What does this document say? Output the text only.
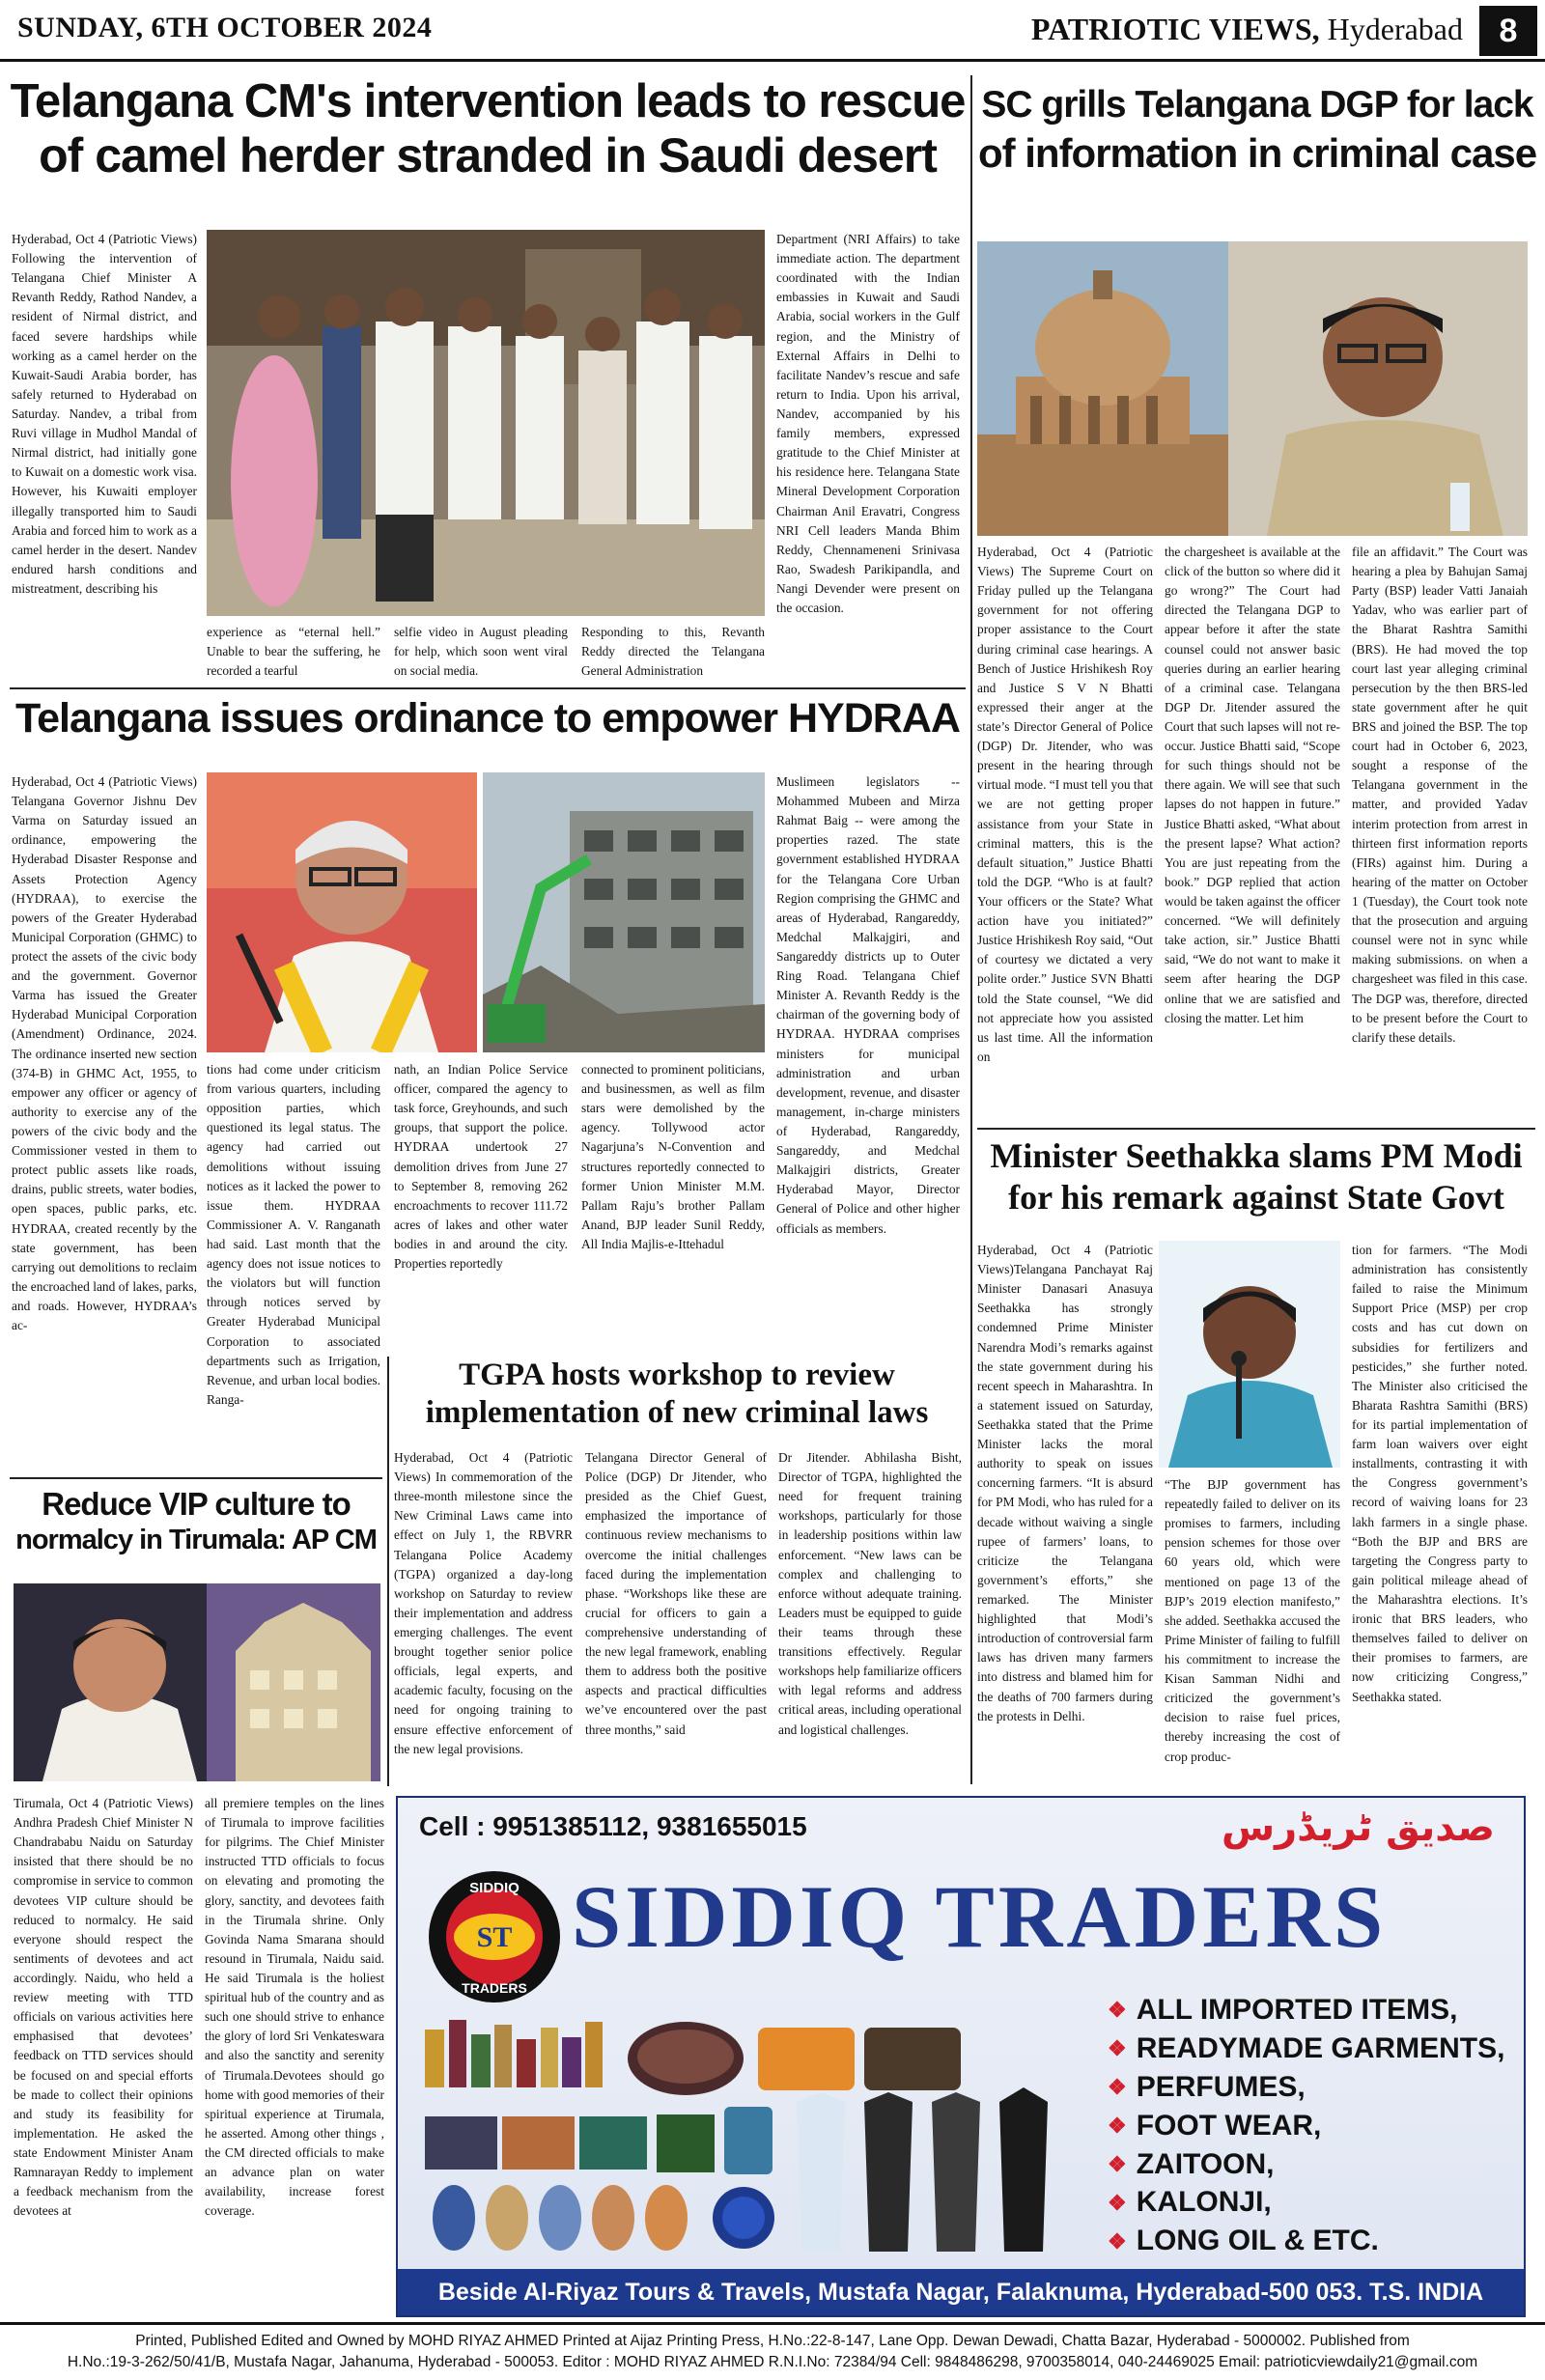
SUNDAY, 6TH OCTOBER 2024	PATRIOTIC VIEWS, Hyderabad	8
Telangana CM's intervention leads to rescue
of camel herder stranded in Saudi desert
Hyderabad, Oct 4 (Patriotic Views) Following the intervention of Telangana Chief Minister A Revanth Reddy, Rathod Nandev, a resident of Nirmal district, and faced severe hardships while working as a camel herder on the Kuwait-Saudi Arabia border, has safely returned to Hyderabad on Saturday. Nandev, a tribal from Ruvi village in Mudhol Mandal of Nirmal district, had initially gone to Kuwait on a domestic work visa. However, his Kuwaiti employer illegally transported him to Saudi Arabia and forced him to work as a camel herder in the desert. Nandev endured harsh conditions and mistreatment, describing his
experience as “eternal hell.” Unable to bear the suffering, he recorded a tearful
selfie video in August pleading for help, which soon went viral on social media.
Responding to this, Revanth Reddy directed the Telangana General Administration
Department (NRI Affairs) to take immediate action. The department coordinated with the Indian embassies in Kuwait and Saudi Arabia, social workers in the Gulf region, and the Ministry of External Affairs in Delhi to facilitate Nandev’s rescue and safe return to India. Upon his arrival, Nandev, accompanied by his family members, expressed gratitude to the Chief Minister at his residence here. Telangana State Mineral Development Corporation Chairman Anil Eravatri, Congress NRI Cell leaders Manda Bhim Reddy, Chennameneni Srinivasa Rao, Swadesh Parikipandla, and Nangi Devender were present on the occasion.
Telangana issues ordinance to empower HYDRAA
Hyderabad, Oct 4 (Patriotic Views) Telangana Governor Jishnu Dev Varma on Saturday issued an ordinance, empowering the Hyderabad Disaster Response and Assets Protection Agency (HYDRAA), to exercise the powers of the Greater Hyderabad Municipal Corporation (GHMC) to protect the assets of the civic body and the government. Governor Varma has issued the Greater Hyderabad Municipal Corporation (Amendment) Ordinance, 2024. The ordinance inserted new section (374-B) in GHMC Act, 1955, to empower any officer or agency of authority to exercise any of the powers of the civic body and the Commissioner vested in them to protect public assets like roads, drains, public streets, water bodies, open spaces, public parks, etc. HYDRAA, created recently by the state government, has been carrying out demolitions to reclaim the encroached land of lakes, parks, and roads. However, HYDRAA’s ac-
tions had come under criticism from various quarters, including opposition parties, which questioned its legal status. The agency had carried out demolitions without issuing notices as it lacked the power to issue them. HYDRAA Commissioner A. V. Ranganath had said. Last month that the agency does not issue notices to the violators but will function through notices served by Greater Hyderabad Municipal Corporation to associated departments such as Irrigation, Revenue, and urban local bodies. Ranga-
nath, an Indian Police Service officer, compared the agency to task force, Greyhounds, and such groups, that support the police. HYDRAA undertook 27 demolition drives from June 27 to September 8, removing 262 encroachments to recover 111.72 acres of lakes and other water bodies in and around the city. Properties reportedly
connected to prominent politicians, and businessmen, as well as film stars were demolished by the agency. Tollywood actor Nagarjuna’s N-Convention and structures reportedly connected to former Union Minister M.M. Pallam Raju’s brother Pallam Anand, BJP leader Sunil Reddy, All India Majlis-e-Ittehadul
Muslimeen legislators -- Mohammed Mubeen and Mirza Rahmat Baig -- were among the properties razed. The state government established HYDRAA for the Telangana Core Urban Region comprising the GHMC and areas of Hyderabad, Rangareddy, Medchal Malkajgiri, and Sangareddy districts up to Outer Ring Road. Telangana Chief Minister A. Revanth Reddy is the chairman of the governing body of HYDRAA. HYDRAA comprises ministers for municipal administration and urban development, revenue, and disaster management, in-charge ministers of Hyderabad, Rangareddy, Sangareddy, and Medchal Malkajgiri districts, Greater Hyderabad Mayor, Director General of Police and other higher officials as members.
TGPA hosts workshop to review
implementation of new criminal laws
Hyderabad, Oct 4 (Patriotic Views) In commemoration of the three-month milestone since the New Criminal Laws came into effect on July 1, the RBVRR Telangana Police Academy (TGPA) organized a day-long workshop on Saturday to review their implementation and address emerging challenges. The event brought together senior police officials, legal experts, and academic faculty, focusing on the need for ongoing training to ensure effective enforcement of the new legal provisions.
Telangana Director General of Police (DGP) Dr Jitender, who presided as the Chief Guest, emphasized the importance of continuous review mechanisms to overcome the initial challenges faced during the implementation phase. “Workshops like these are crucial for officers to gain a comprehensive understanding of the new legal framework, enabling them to address both the positive aspects and practical difficulties we’ve encountered over the past three months,” said
Dr Jitender. Abhilasha Bisht, Director of TGPA, highlighted the need for frequent training workshops, particularly for those in leadership positions within law enforcement. “New laws can be complex and challenging to enforce without adequate training. Leaders must be equipped to guide their teams through these transitions effectively. Regular workshops help familiarize officers with legal reforms and address critical areas, including operational and logistical challenges.
Reduce VIP culture to
normalcy in Tirumala: AP CM
Tirumala, Oct 4 (Patriotic Views) Andhra Pradesh Chief Minister N Chandrababu Naidu on Saturday insisted that there should be no compromise in service to common devotees VIP culture should be reduced to normalcy. He said everyone should respect the sentiments of devotees and act accordingly. Naidu, who held a review meeting with TTD officials on various activities here emphasised that devotees’ feedback on TTD services should be focused on and special efforts be made to collect their opinions and study its feasibility for implementation. He asked the state Endowment Minister Anam Ramnarayan Reddy to implement a feedback mechanism from the devotees at
all premiere temples on the lines of Tirumala to improve facilities for pilgrims. The Chief Minister instructed TTD officials to focus on elevating and promoting the glory, sanctity, and devotees faith in the Tirumala shrine. Only Govinda Nama Smarana should resound in Tirumala, Naidu said. He said Tirumala is the holiest spiritual hub of the country and as such one should strive to enhance the glory of lord Sri Venkateswara and also the sanctity and serenity of Tirumala.Devotees should go home with good memories of their spiritual experience at Tirumala, he asserted. Among other things , the CM directed officials to make an advance plan on water availability, increase forest coverage.
SC grills Telangana DGP for lack
of information in criminal case
Hyderabad, Oct 4 (Patriotic Views) The Supreme Court on Friday pulled up the Telangana government for not offering proper assistance to the Court during criminal case hearings. A Bench of Justice Hrishikesh Roy and Justice S V N Bhatti expressed their anger at the state’s Director General of Police (DGP) Dr. Jitender, who was present in the hearing through virtual mode. “I must tell you that we are not getting proper assistance from your State in criminal matters, this is the default situation,” Justice Bhatti told the DGP. “Who is at fault? Your officers or the State? What action have you initiated?” Justice Hrishikesh Roy said, “Out of courtesy we dictated a very polite order.” Justice SVN Bhatti told the State counsel, “We did not appreciate how you assisted us last time. All the information on
the chargesheet is available at the click of the button so where did it go wrong?” The Court had directed the Telangana DGP to appear before it after the state counsel could not answer basic queries during an earlier hearing of a criminal case. Telangana DGP Dr. Jitender assured the Court that such lapses will not re-occur. Justice Bhatti said, “Scope for such things should not be there again. We will see that such lapses do not happen in future.” Justice Bhatti asked, “What about the present lapse? What action? You are just repeating from the book.” DGP replied that action would be taken against the officer concerned. “We will definitely take action, sir.” Justice Bhatti said, “We do not want to make it seem after hearing the DGP online that we are satisfied and closing the matter. Let him
file an affidavit.” The Court was hearing a plea by Bahujan Samaj Party (BSP) leader Vatti Janaiah Yadav, who was earlier part of the Bharat Rashtra Samithi (BRS). He had moved the top court last year alleging criminal persecution by the then BRS-led state government after he quit BRS and joined the BSP. The top court had in October 6, 2023, sought a response of the Telangana government in the matter, and provided Yadav interim protection from arrest in thirteen first information reports (FIRs) against him. During a hearing of the matter on October 1 (Tuesday), the Court took note that the prosecution and arguing counsel were not in sync while making submissions. on when a chargesheet was filed in this case. The DGP was, therefore, directed to be present before the Court to clarify these details.
Minister Seethakka slams PM Modi
for his remark against State Govt
Hyderabad, Oct 4 (Patriotic Views)Telangana Panchayat Raj Minister Danasari Anasuya Seethakka has strongly condemned Prime Minister Narendra Modi’s remarks against the state government during his recent speech in Maharashtra. In a statement issued on Saturday, Seethakka stated that the Prime Minister lacks the moral authority to speak on issues concerning farmers. “It is absurd for PM Modi, who has ruled for a decade without waiving a single rupee of farmers’ loans, to criticize the Telangana government’s efforts,” she remarked. The Minister highlighted that Modi’s introduction of controversial farm laws has driven many farmers into distress and blamed him for the deaths of 700 farmers during the protests in Delhi.
“The BJP government has repeatedly failed to deliver on its promises to farmers, including pension schemes for those over 60 years old, which were mentioned on page 13 of the BJP’s 2019 election manifesto,” she added. Seethakka accused the Prime Minister of failing to fulfill his commitment to increase the Kisan Samman Nidhi and criticized the government’s decision to raise fuel prices, thereby increasing the cost of crop produc-
tion for farmers. “The Modi administration has consistently failed to raise the Minimum Support Price (MSP) per crop costs and has cut down on subsidies for fertilizers and pesticides,” she further noted. The Minister also criticised the Bharata Rashtra Samithi (BRS) for its partial implementation of farm loan waivers over eight installments, contrasting it with the Congress government’s record of waiving loans for 23 lakh farmers in a single phase. “Both the BJP and BRS are targeting the Congress party to gain political mileage ahead of the Maharashtra elections. It’s ironic that BRS leaders, who themselves failed to deliver on their promises to farmers, are now criticizing Congress,” Seethakka stated.
Cell : 9951385112, 9381655015	صدیق ٹریڈرس
SIDDIQ
ST
TRADERS
SIDDIQ TRADERS
❖ ALL IMPORTED ITEMS,
❖ READYMADE GARMENTS,
❖ PERFUMES,
❖ FOOT WEAR,
❖ ZAITOON,
❖ KALONJI,
❖ LONG OIL & ETC.
Beside Al-Riyaz Tours & Travels, Mustafa Nagar, Falaknuma, Hyderabad-500 053. T.S. INDIA
Printed, Published Edited and Owned by MOHD RIYAZ AHMED Printed at Aijaz Printing Press, H.No.:22-8-147, Lane Opp. Dewan Dewadi, Chatta Bazar, Hyderabad - 5000002. Published from
H.No.:19-3-262/50/41/B, Mustafa Nagar, Jahanuma, Hyderabad - 500053. Editor : MOHD RIYAZ AHMED R.N.I.No: 72384/94 Cell: 9848486298, 9700358014, 040-24469025 Email: patrioticviewdaily21@gmail.com
